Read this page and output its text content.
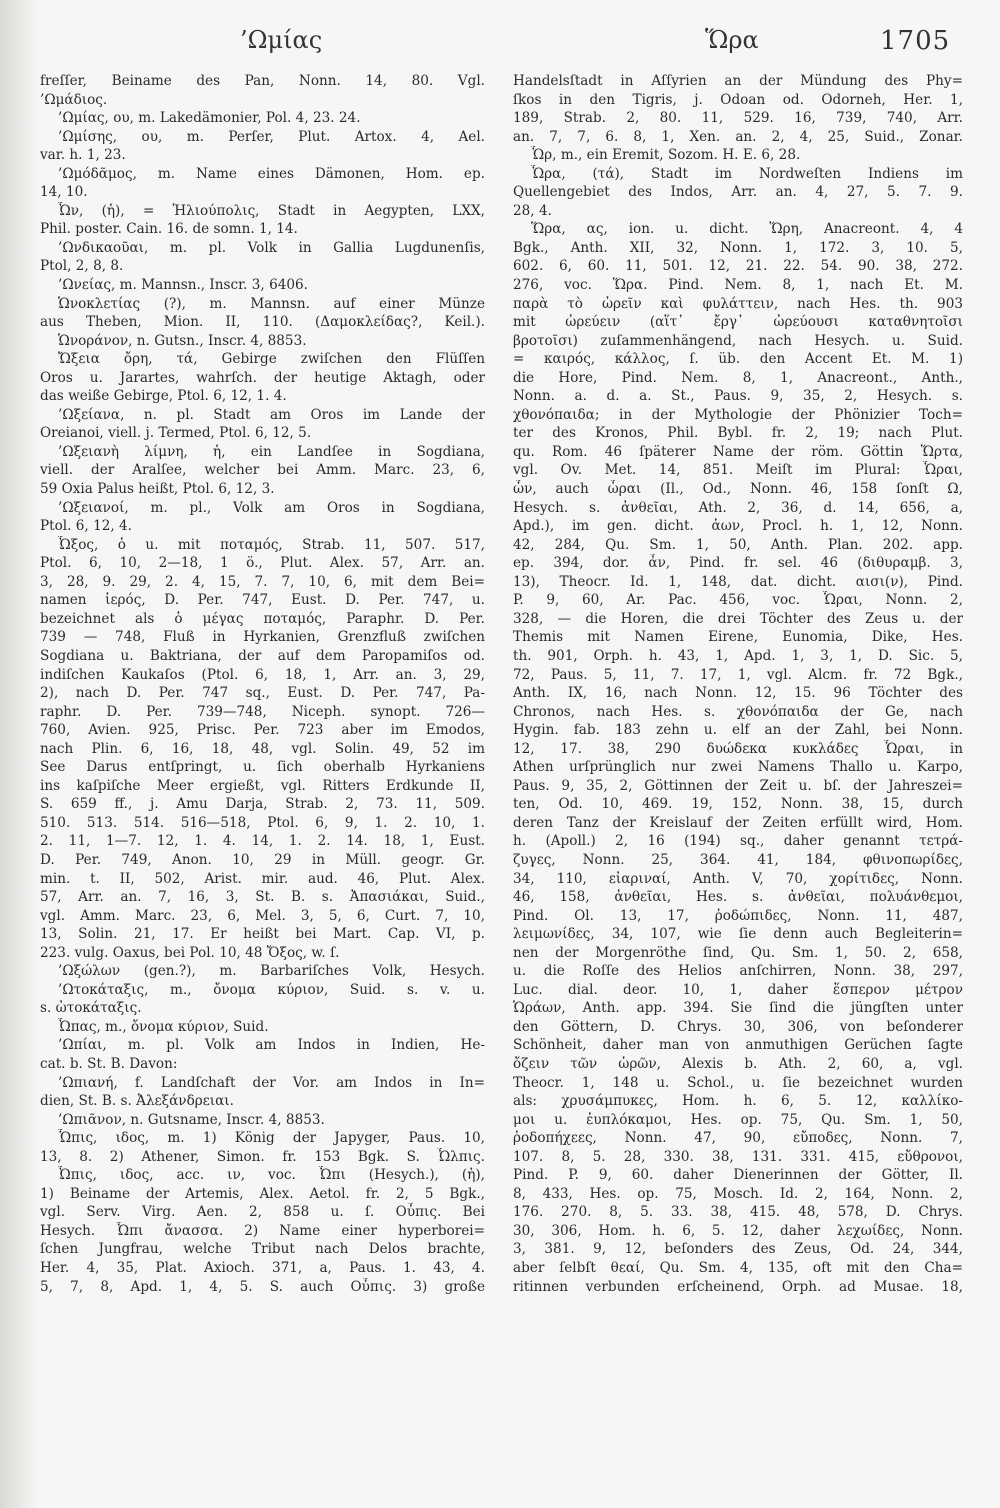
’Ωμίας	Ὥρα	1705
freſſer, Beiname des Pan, Nonn. 14, 80. Vgl.
’Ωμάδιος.
’Ωμίας, ου, m. Lakedämonier, Pol. 4, 23. 24.
’Ωμίσης, ου, m. Perſer, Plut. Artox. 4, Ael.
var. h. 1, 23.
’Ωμόδᾶμος, m. Name eines Dämonen, Hom. ep.
14, 10.
Ὦν, (ἡ), = Ἡλιούπολις, Stadt in Aegypten, LXX,
Phil. poster. Cain. 16. de somn. 1, 14.
’Ωνδικαοῦαι, m. pl. Volk in Gallia Lugdunenſis,
Ptol, 2, 8, 8.
’Ωνείας, m. Mannsn., Inscr. 3, 6406.
Ὡνοκλετίας (?), m. Mannsn. auf einer Münze
aus Theben, Mion. II, 110. (Δαμοκλείδας?, Keil.).
Ὡνοράνον, n. Gutsn., Inscr. 4, 8853.
Ὤξεια ὄρη, τά, Gebirge zwiſchen den Flüſſen
Oros u. Jarartes, wahrſch. der heutige Aktagh, oder
das weiße Gebirge, Ptol. 6, 12, 1. 4.
’Ωξείανα, n. pl. Stadt am Oros im Lande der
Oreianoi, viell. j. Termed, Ptol. 6, 12, 5.
’Ωξειανὴ λίμνη, ἡ, ein Landſee in Sogdiana,
viell. der Aralſee, welcher bei Amm. Marc. 23, 6,
59 Oxia Palus heißt, Ptol. 6, 12, 3.
’Ωξειανοί, m. pl., Volk am Oros in Sogdiana,
Ptol. 6, 12, 4.
Ὦξος, ὁ u. mit ποταμός, Strab. 11, 507. 517,
Ptol. 6, 10, 2—18, 1 ö., Plut. Alex. 57, Arr. an.
3, 28, 9. 29, 2. 4, 15, 7. 7, 10, 6, mit dem Bei=
namen ἱερός, D. Per. 747, Eust. D. Per. 747, u.
bezeichnet als ὁ μέγας ποταμός, Paraphr. D. Per.
739 — 748, Fluß in Hyrkanien, Grenzfluß zwiſchen
Sogdiana u. Baktriana, der auf dem Paropamiſos od.
indiſchen Kaukaſos (Ptol. 6, 18, 1, Arr. an. 3, 29,
2), nach D. Per. 747 sq., Eust. D. Per. 747, Pa-
raphr. D. Per. 739—748, Niceph. synopt. 726—
760, Avien. 925, Prisc. Per. 723 aber im Emodos,
nach Plin. 6, 16, 18, 48, vgl. Solin. 49, 52 im
See Darus entſpringt, u. ſich oberhalb Hyrkaniens
ins kaſpiſche Meer ergießt, vgl. Ritters Erdkunde II,
S. 659 ff., j. Amu Darja, Strab. 2, 73. 11, 509.
510. 513. 514. 516—518, Ptol. 6, 9, 1. 2. 10, 1.
2. 11, 1—7. 12, 1. 4. 14, 1. 2. 14. 18, 1, Eust.
D. Per. 749, Anon. 10, 29 in Müll. geogr. Gr.
min. t. II, 502, Arist. mir. aud. 46, Plut. Alex.
57, Arr. an. 7, 16, 3, St. B. s. Ἀπασιάκαι, Suid.,
vgl. Amm. Marc. 23, 6, Mel. 3, 5, 6, Curt. 7, 10,
13, Solin. 21, 17. Er heißt bei Mart. Cap. VI, p.
223. vulg. Oaxus, bei Pol. 10, 48 Ὄξος, w. ſ.
’Ωξώλων (gen.?), m. Barbariſches Volk, Hesych.
’Ωτοκάταξις, m., ὄνομα κύριον, Suid. s. v. u.
s. ὠτοκάταξις.
Ὦπας, m., ὄνομα κύριον, Suid.
’Ωπίαι, m. pl. Volk am Indos in Indien, He-
cat. b. St. B. Davon:
’Ωπιανή, f. Landſchaft der Vor. am Indos in In=
dien, St. B. s. Ἀλεξάνδρειαι.
’Ωπιᾶνον, n. Gutsname, Inscr. 4, 8853.
Ὧπις, ιδος, m. 1) König der Japyger, Paus. 10,
13, 8. 2) Athener, Simon. fr. 153 Bgk. S. Ὦλπις.
Ὦπις, ιδος, acc. ιν, voc. Ὦπι (Hesych.), (ἡ),
1) Beiname der Artemis, Alex. Aetol. fr. 2, 5 Bgk.,
vgl. Serv. Virg. Aen. 2, 858 u. ſ. Οὖπις. Bei
Hesych. Ὦπι ἄνασσα. 2) Name einer hyperborei=
ſchen Jungfrau, welche Tribut nach Delos brachte,
Her. 4, 35, Plat. Axioch. 371, a, Paus. 1. 43, 4.
5, 7, 8, Apd. 1, 4, 5. S. auch Οὖπις. 3) große
Handelsſtadt in Aſſyrien an der Mündung des Phy=
ſkos in den Tigris, j. Odoan od. Odorneh, Her. 1,
189, Strab. 2, 80. 11, 529. 16, 739, 740, Arr.
an. 7, 7, 6. 8, 1, Xen. an. 2, 4, 25, Suid., Zonar.
Ὧρ, m., ein Eremit, Sozom. H. E. 6, 28.
Ὧρα, (τά), Stadt im Nordweſten Indiens im
Quellengebiet des Indos, Arr. an. 4, 27, 5. 7. 9.
28, 4.
Ὥρα, ας, ion. u. dicht. Ὥρη, Anacreont. 4, 4
Bgk., Anth. XII, 32, Nonn. 1, 172. 3, 10. 5,
602. 6, 60. 11, 501. 12, 21. 22. 54. 90. 38, 272.
276, voc. Ὥρα. Pind. Nem. 8, 1, nach Et. M.
παρὰ τὸ ὠρεῖν καὶ φυλάττειν, nach Hes. th. 903
mit ὠρεύειν (αἵτ᾽ ἔργ᾽ ὠρεύουσι καταθνητοῖσι
βροτοῖσι) zuſammenhängend, nach Hesych. u. Suid.
= καιρός, κάλλος, ſ. üb. den Accent Et. M. 1)
die Hore, Pind. Nem. 8, 1, Anacreont., Anth.,
Nonn. a. d. a. St., Paus. 9, 35, 2, Hesych. s.
χθονόπαιδα; in der Mythologie der Phönizier Toch=
ter des Kronos, Phil. Bybl. fr. 2, 19; nach Plut.
qu. Rom. 46 ſpäterer Name der röm. Göttin Ὥρτα,
vgl. Ov. Met. 14, 851. Meiſt im Plural: Ὧραι,
ὧν, auch ὧραι (Il., Od., Nonn. 46, 158 ſonſt Ω,
Hesych. s. ἀνθεῖαι, Ath. 2, 36, d. 14, 656, a,
Apd.), im gen. dicht. ἁων, Procl. h. 1, 12, Nonn.
42, 284, Qu. Sm. 1, 50, Anth. Plan. 202. app.
ep. 394, dor. ἆν, Pind. fr. sel. 46 (διθυραμβ. 3,
13), Theocr. Id. 1, 148, dat. dicht. αισι(ν), Pind.
P. 9, 60, Ar. Pac. 456, voc. Ὧραι, Nonn. 2,
328, — die Horen, die drei Töchter des Zeus u. der
Themis mit Namen Eirene, Eunomia, Dike, Hes.
th. 901, Orph. h. 43, 1, Apd. 1, 3, 1, D. Sic. 5,
72, Paus. 5, 11, 7. 17, 1, vgl. Alcm. fr. 72 Bgk.,
Anth. IX, 16, nach Nonn. 12, 15. 96 Töchter des
Chronos, nach Hes. s. χθονόπαιδα der Ge, nach
Hygin. fab. 183 zehn u. elf an der Zahl, bei Nonn.
12, 17. 38, 290 δυώδεκα κυκλάδες Ὧραι, in
Athen urſprünglich nur zwei Namens Thallo u. Karpo,
Paus. 9, 35, 2, Göttinnen der Zeit u. bſ. der Jahreszei=
ten, Od. 10, 469. 19, 152, Nonn. 38, 15, durch
deren Tanz der Kreislauf der Zeiten erfüllt wird, Hom.
h. (Apoll.) 2, 16 (194) sq., daher genannt τετρά-
ζυγες, Nonn. 25, 364. 41, 184, φθινοπωρίδες,
34, 110, εἰαριναί, Anth. V, 70, χορίτιδες, Nonn.
46, 158, ἀνθεῖαι, Hes. s. ἀνθεῖαι, πολυάνθεμοι,
Pind. Ol. 13, 17, ῥοδώπιδες, Nonn. 11, 487,
λειμωνίδες, 34, 107, wie ſie denn auch Begleiterin=
nen der Morgenröthe ſind, Qu. Sm. 1, 50. 2, 658,
u. die Roſſe des Helios anſchirren, Nonn. 38, 297,
Luc. dial. deor. 10, 1, daher ἕσπερον μέτρον
Ὡράων, Anth. app. 394. Sie ſind die jüngſten unter
den Göttern, D. Chrys. 30, 306, von beſonderer
Schönheit, daher man von anmuthigen Gerüchen ſagte
ὄζειν τῶν ὡρῶν, Alexis b. Ath. 2, 60, a, vgl.
Theocr. 1, 148 u. Schol., u. ſie bezeichnet wurden
als: χρυσάμπυκες, Hom. h. 6, 5. 12, καλλίκο-
μοι u. ἐυπλόκαμοι, Hes. op. 75, Qu. Sm. 1, 50,
ῥοδοπήχεες, Nonn. 47, 90, εὔποδες, Nonn. 7,
107. 8, 5. 28, 330. 38, 131. 331. 415, εὔθρονοι,
Pind. P. 9, 60. daher Dienerinnen der Götter, Il.
8, 433, Hes. op. 75, Mosch. Id. 2, 164, Nonn. 2,
176. 270. 8, 5. 33. 38, 415. 48, 578, D. Chrys.
30, 306, Hom. h. 6, 5. 12, daher λεχωίδες, Nonn.
3, 381. 9, 12, beſonders des Zeus, Od. 24, 344,
aber ſelbſt θεαί, Qu. Sm. 4, 135, oft mit den Cha=
ritinnen verbunden erſcheinend, Orph. ad Musae. 18,
